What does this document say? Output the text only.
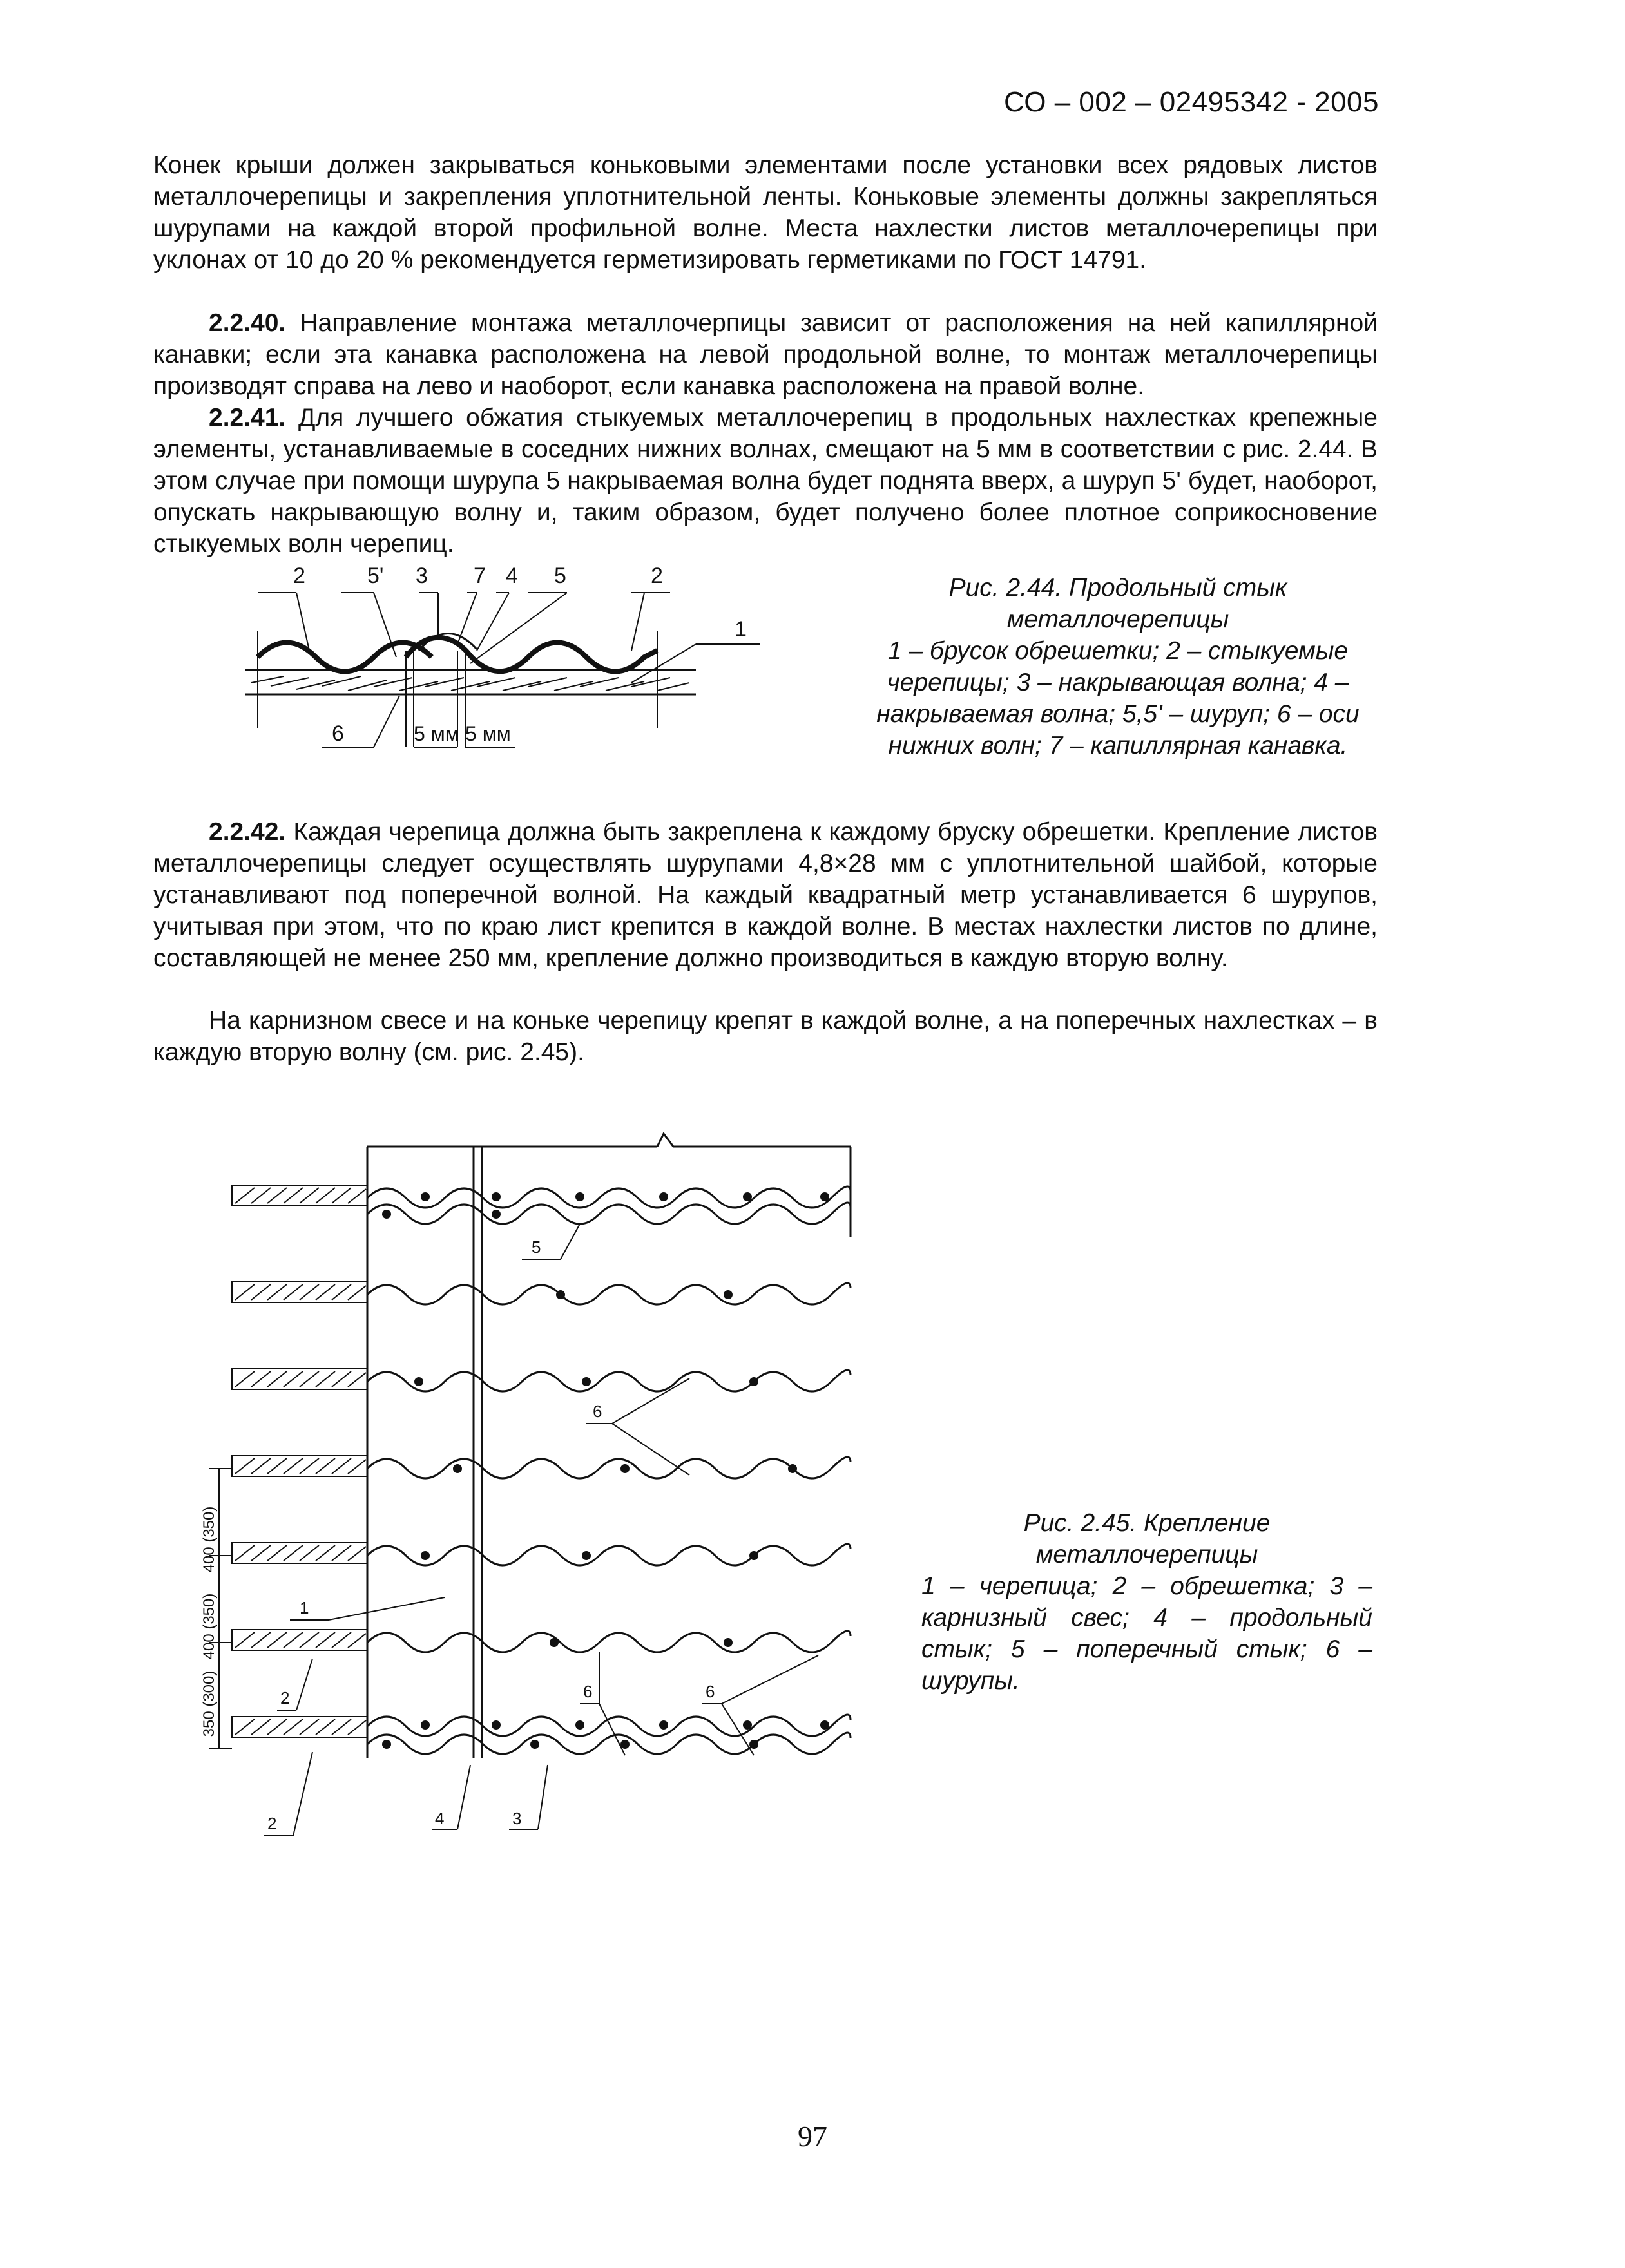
СО – 002 – 02495342 - 2005

Конек крыши должен закрываться коньковыми элементами после установки всех рядовых листов металлочерепицы и закрепления уплотнительной ленты. Коньковые элементы должны закрепляться шурупами на каждой второй профильной волне. Места нахлестки листов металлочерепицы при уклонах от 10 до 20 % рекомендуется герметизировать герметиками по ГОСТ 14791.

2.2.40. Направление монтажа металлочерпицы зависит от расположения на ней капиллярной канавки; если эта канавка расположена на левой продольной волне, то монтаж металлочерепицы производят справа на лево и наоборот, если канавка расположена на правой волне.

2.2.41. Для лучшего обжатия стыкуемых металлочерепиц в продольных нахлестках крепежные элементы, устанавливаемые в соседних нижних волнах, смещают на 5 мм в соответствии с рис. 2.44. В этом случае при помощи шурупа 5 накрываемая волна будет поднята вверх, а шуруп 5' будет, наоборот, опускать накрывающую волну и, таким образом, будет получено более плотное соприкосновение стыкуемых волн черепиц.

2	5' 3 7 4 5	2
1
6	5 мм 5 мм

Рис. 2.44. Продольный стык металлочерепицы
1 – брусок обрешетки; 2 – стыкуемые черепицы; 3 – накрывающая волна; 4 – накрываемая волна; 5,5' – шуруп; 6 – оси нижних волн; 7 – капиллярная канавка.

2.2.42. Каждая черепица должна быть закреплена к каждому бруску обрешетки. Крепление листов металлочерепицы следует осуществлять шурупами 4,8×28 мм с уплотнительной шайбой, которые устанавливают под поперечной волной. На каждый квадратный метр устанавливается 6 шурупов, учитывая при этом, что по краю лист крепится в каждой волне. В местах нахлестки листов по длине, составляющей не менее 250 мм, крепление должно производиться в каждую вторую волну.

На карнизном свесе и на коньке черепицу крепят в каждой волне, а на поперечных нахлестках – в каждую вторую волну (см. рис. 2.45).

5
6
1
2	6	6
2	4	3
400 (350)
400 (350)
350 (300)

Рис. 2.45. Крепление металлочерепицы
1 – черепица; 2 – обрешетка; 3 – карнизный свес; 4 – продольный стык; 5 – поперечный стык; 6 – шурупы.

97
